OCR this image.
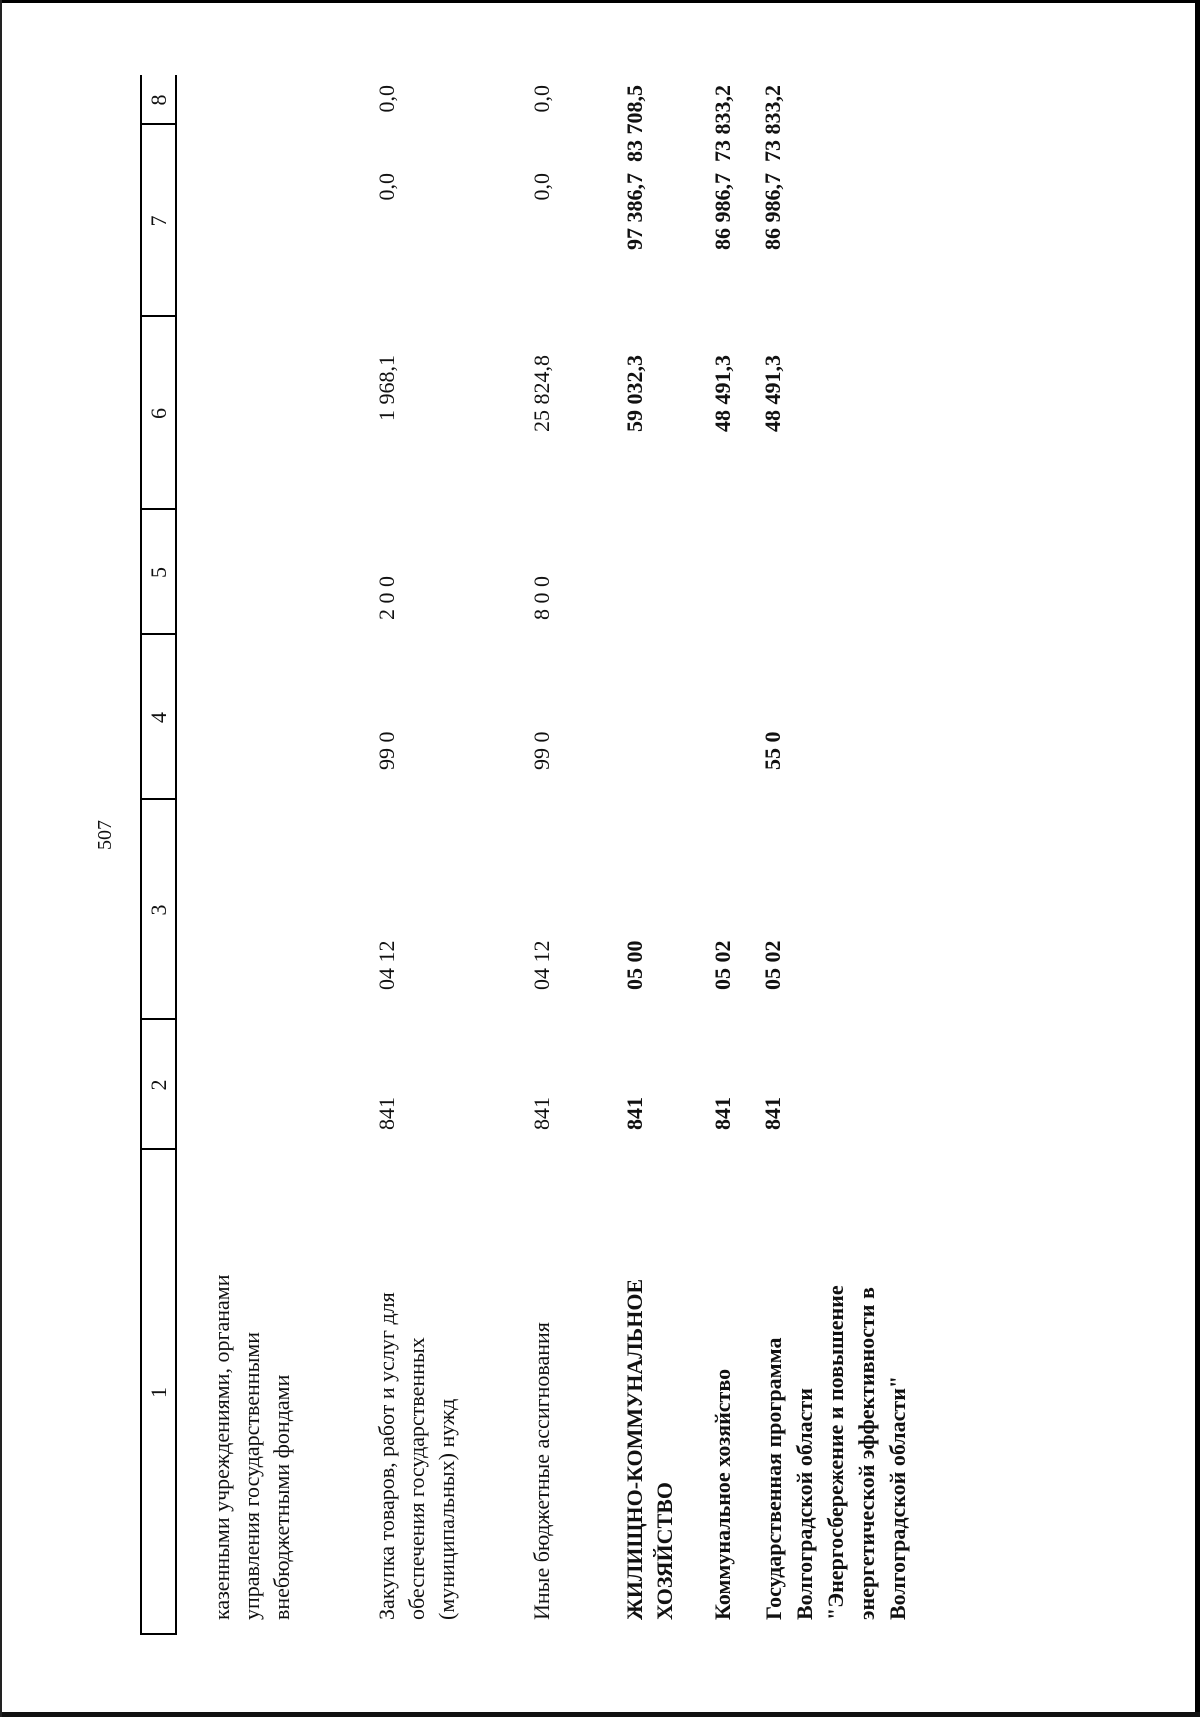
507
1
2
3
4
5
6
7
8
казенными учреждениями, органами управления государственными внебюджетными фондами	Закупка товаров, работ и услуг для обеспечения государственных (муниципальных) нужд
841
04 12
99 0
2 0 0
1 968,1
0,0
0,0
Иные бюджетные ассигнования
841
04 12
99 0
8 0 0
25 824,8
0,0
0,0
ЖИЛИЩНО-КОММУНАЛЬНОЕ ХОЗЯЙСТВО
841
05 00
59 032,3
97 386,7
83 708,5
Коммунальное хозяйство
841
05 02
48 491,3
86 986,7
73 833,2
Государственная программа Волгоградской области "Энергосбережение и повышение энергетической эффективности в Волгоградской области"
841
05 02
55 0
48 491,3
86 986,7
73 833,2
